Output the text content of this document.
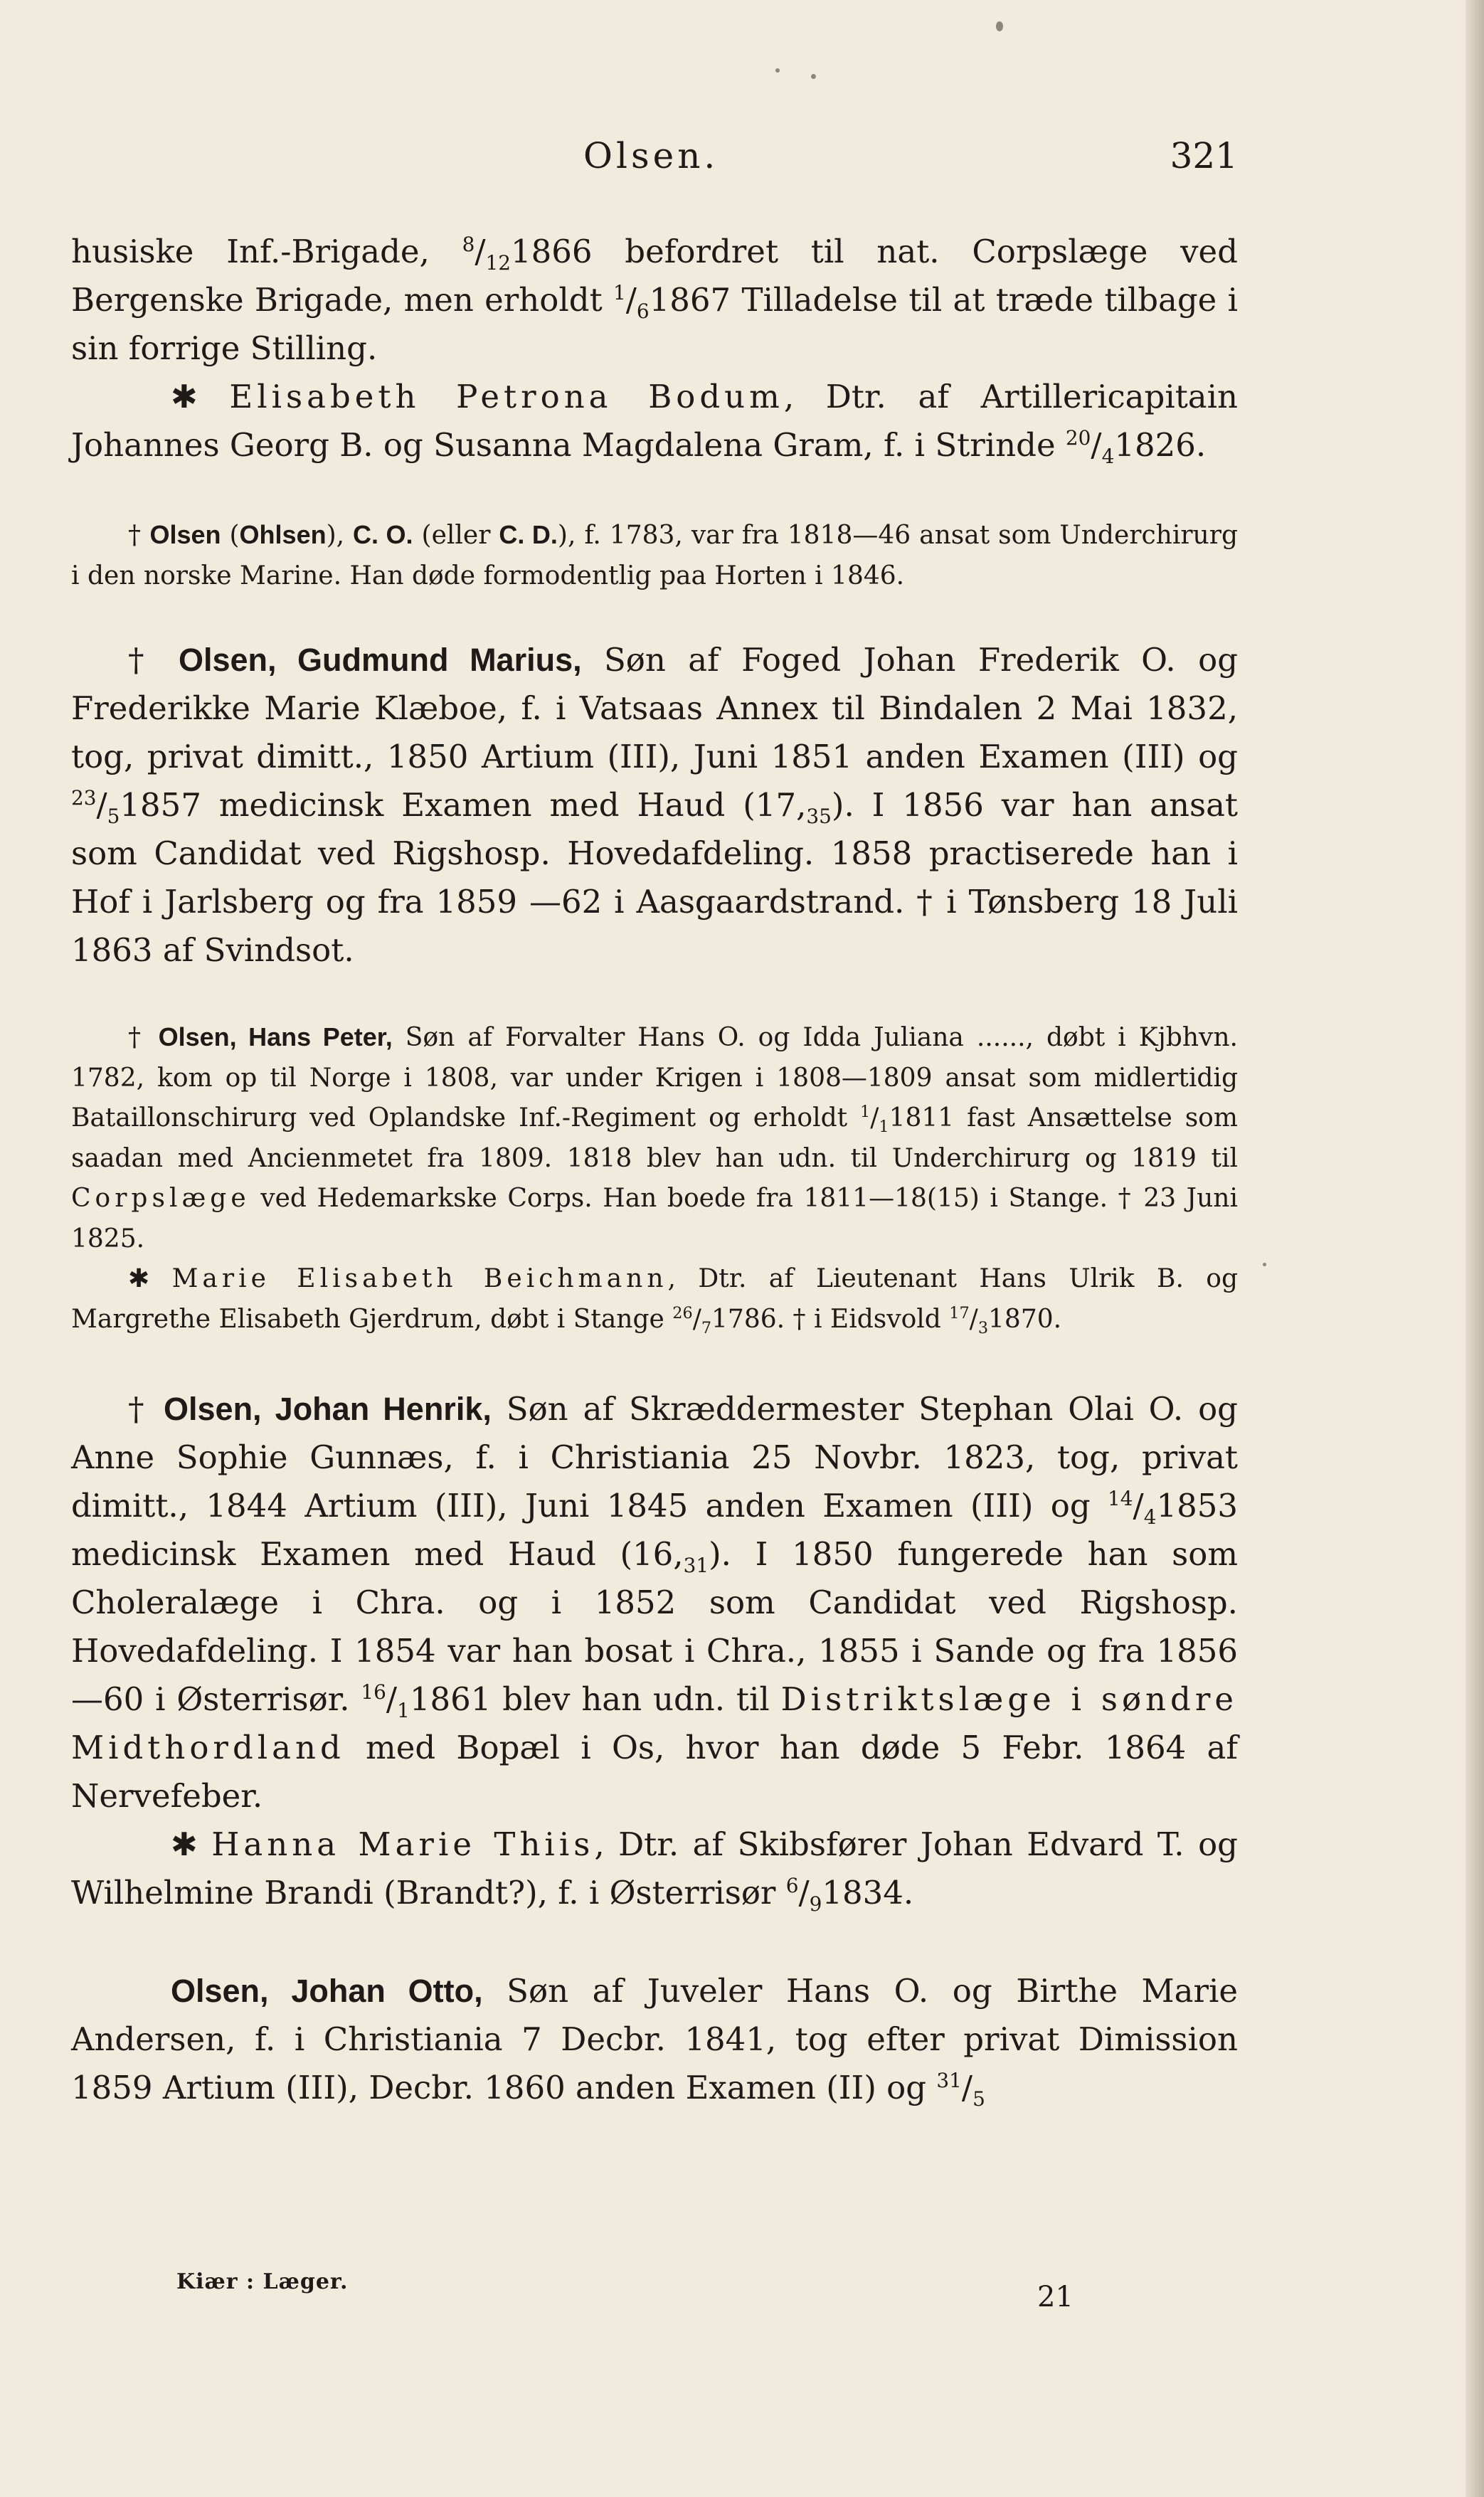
Olsen.	321

husiske Inf.-Brigade, $^8/_{12}1866$ befordret til nat. Corpslæge ved Bergenske Brigade, men erholdt $^1/_61867$ Tilladelse til at træde tilbage i sin forrige Stilling.

✱ Elisabeth Petrona Bodum, Dtr. af Artillericapitain Johannes Georg B. og Susanna Magdalena Gram, f. i Strinde $^{20}/_41826$.

† Olsen (Ohlsen), C. O. (eller C. D.), f. 1783, var fra 1818—46 ansat som Underchirurg i den norske Marine. Han døde formodentlig paa Horten i 1846.

† Olsen, Gudmund Marius, Søn af Foged Johan Frederik O. og Frederikke Marie Klæboe, f. i Vatsaas Annex til Bindalen 2 Mai 1832, tog, privat dimitt., 1850 Artium (III), Juni 1851 anden Examen (III) og $^{23}/_51857$ medicinsk Examen med Haud $(17,_{35})$. I 1856 var han ansat som Candidat ved Rigshosp. Hovedafdeling. 1858 practiserede han i Hof i Jarlsberg og fra 1859 —62 i Aasgaardstrand. † i Tønsberg 18 Juli 1863 af Svindsot.

† Olsen, Hans Peter, Søn af Forvalter Hans O. og Idda Juliana ......, døbt i Kjbhvn. 1782, kom op til Norge i 1808, var under Krigen i 1808—1809 ansat som midlertidig Bataillonschirurg ved Oplandske Inf.-Regiment og erholdt $^1/_11811$ fast Ansættelse som saadan med Ancienmetet fra 1809. 1818 blev han udn. til Underchirurg og 1819 til Corpslæge ved Hedemarkske Corps. Han boede fra 1811—18(15) i Stange. † 23 Juni 1825.

✱ Marie Elisabeth Beichmann, Dtr. af Lieutenant Hans Ulrik B. og Margrethe Elisabeth Gjerdrum, døbt i Stange $^{26}/_71786$. † i Eidsvold $^{17}/_31870$.

† Olsen, Johan Henrik, Søn af Skræddermester Stephan Olai O. og Anne Sophie Gunnæs, f. i Christiania 25 Novbr. 1823, tog, privat dimitt., 1844 Artium (III), Juni 1845 anden Examen (III) og $^{14}/_41853$ medicinsk Examen med Haud $(16,_{31})$. I 1850 fungerede han som Choleralæge i Chra. og i 1852 som Candidat ved Rigshosp. Hovedafdeling. I 1854 var han bosat i Chra., 1855 i Sande og fra 1856—60 i Østerrisør. $^{16}/_11861$ blev han udn. til Distriktslæge i søndre Midthordland med Bopæl i Os, hvor han døde 5 Febr. 1864 af Nervefeber.

✱ Hanna Marie Thiis, Dtr. af Skibsfører Johan Edvard T. og Wilhelmine Brandi (Brandt?), f. i Østerrisør $^6/_91834$.

Olsen, Johan Otto, Søn af Juveler Hans O. og Birthe Marie Andersen, f. i Christiania 7 Decbr. 1841, tog efter privat Dimission 1859 Artium (III), Decbr. 1860 anden Examen (II) og $^{31}/_5$

Kiær : Læger.	21
